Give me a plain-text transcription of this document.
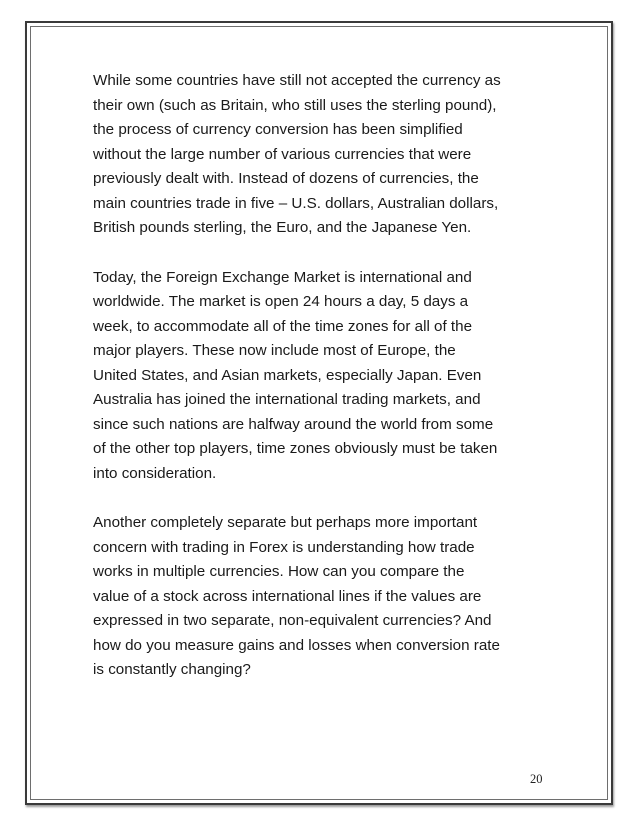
While some countries have still not accepted the currency as
their own (such as Britain, who still uses the sterling pound),
the process of currency conversion has been simplified
without the large number of various currencies that were
previously dealt with. Instead of dozens of currencies, the
main countries trade in five – U.S. dollars, Australian dollars,
British pounds sterling, the Euro, and the Japanese Yen.

Today, the Foreign Exchange Market is international and
worldwide. The market is open 24 hours a day, 5 days a
week, to accommodate all of the time zones for all of the
major players. These now include most of Europe, the
United States, and Asian markets, especially Japan. Even
Australia has joined the international trading markets, and
since such nations are halfway around the world from some
of the other top players, time zones obviously must be taken
into consideration.

Another completely separate but perhaps more important
concern with trading in Forex is understanding how trade
works in multiple currencies. How can you compare the
value of a stock across international lines if the values are
expressed in two separate, non-equivalent currencies? And
how do you measure gains and losses when conversion rate
is constantly changing?

20
